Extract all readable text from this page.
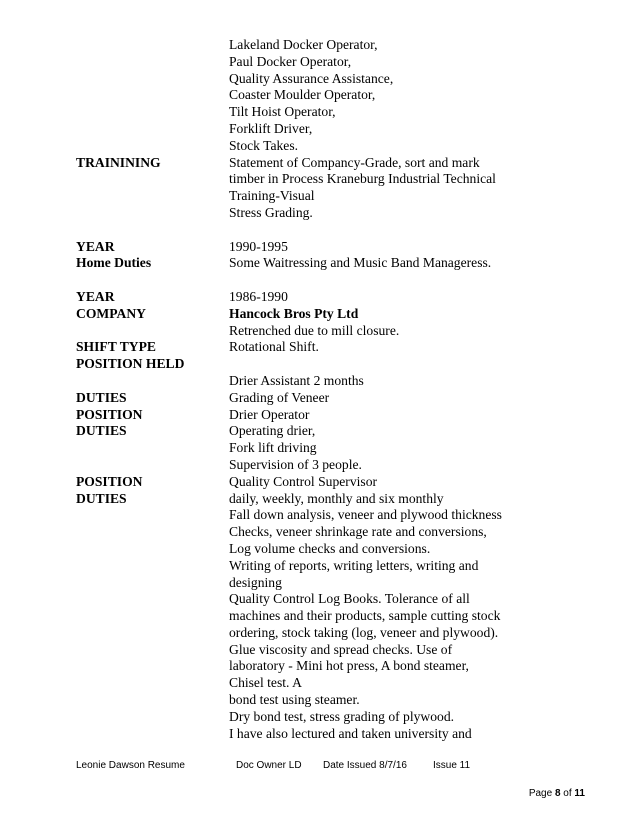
Lakeland Docker Operator,
Paul Docker Operator,
Quality Assurance Assistance,
Coaster Moulder Operator,
Tilt Hoist Operator,
Forklift Driver,
Stock Takes.
TRAININING	Statement of Compancy-Grade, sort and mark
timber in Process Kraneburg Industrial Technical
Training-Visual
Stress Grading.
YEAR	1990-1995
Home Duties	Some Waitressing and Music Band Manageress.
YEAR	1986-1990
COMPANY	Hancock Bros Pty Ltd
Retrenched due to mill closure.
SHIFT TYPE	Rotational Shift.
POSITION HELD
Drier Assistant 2 months
DUTIES	Grading of Veneer
POSITION	Drier Operator
DUTIES	Operating drier,
Fork lift driving
Supervision of 3 people.
POSITION	Quality Control Supervisor
DUTIES	daily, weekly, monthly and six monthly
Fall down analysis, veneer and plywood thickness
Checks, veneer shrinkage rate and conversions,
Log volume checks and conversions.
Writing of reports, writing letters, writing and
designing
Quality Control Log Books. Tolerance of all
machines and their products, sample cutting stock
ordering, stock taking (log, veneer and plywood).
Glue viscosity and spread checks. Use of
laboratory - Mini hot press, A bond steamer,
Chisel test. A
bond test using steamer.
Dry bond test, stress grading of plywood.
I have also lectured and taken university and
Leonie Dawson Resume	Doc Owner LD Date Issued 8/7/16	Issue 11
Page 8 of 11
